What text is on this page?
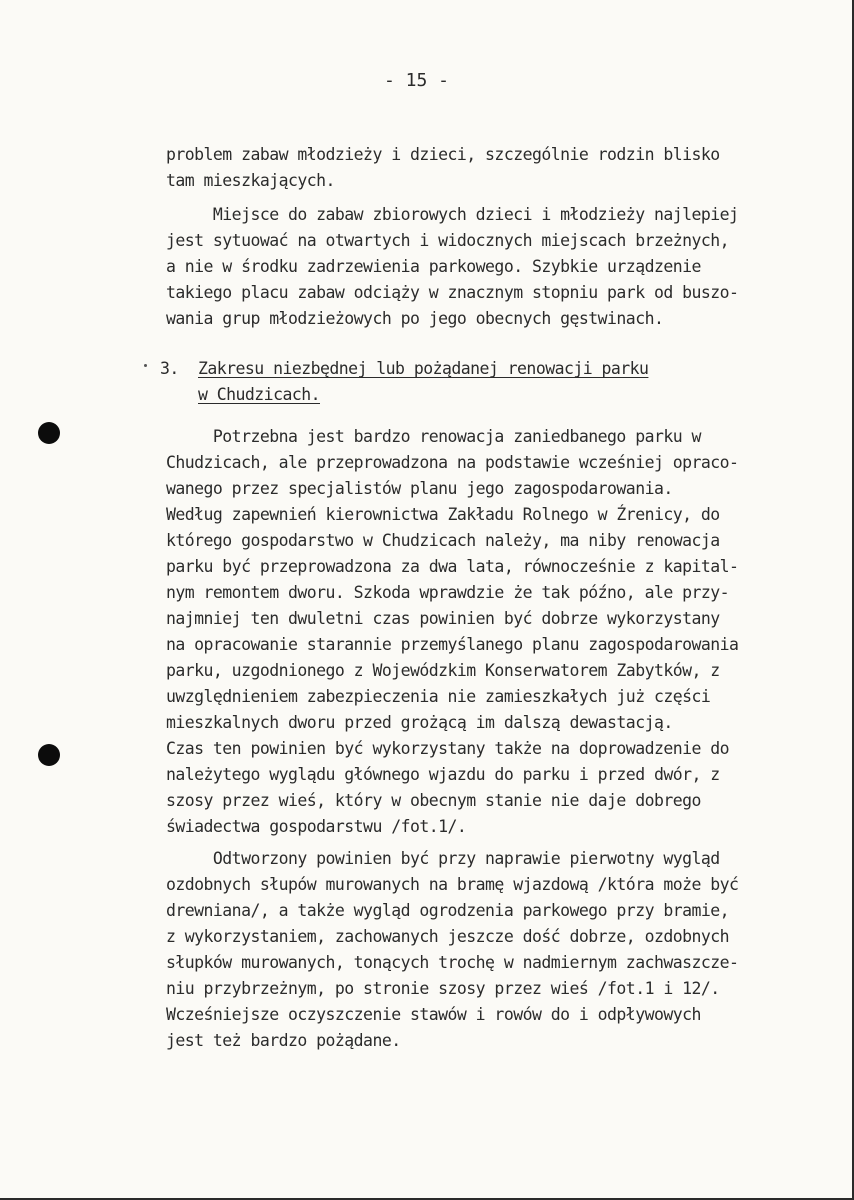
- 15 -
problem zabaw młodzieży i dzieci, szczególnie rodzin blisko
tam mieszkających.
Miejsce do zabaw zbiorowych dzieci i młodzieży najlepiej
jest sytuować na otwartych i widocznych miejscach brzeżnych,
a nie w środku zadrzewienia parkowego. Szybkie urządzenie
takiego placu zabaw odciąży w znacznym stopniu park od buszo-
wania grup młodzieżowych po jego obecnych gęstwinach.
3. Zakresu niezbędnej lub pożądanej renowacji parku
w Chudzicach.
Potrzebna jest bardzo renowacja zaniedbanego parku w
Chudzicach, ale przeprowadzona na podstawie wcześniej opraco-
wanego przez specjalistów planu jego zagospodarowania.
Według zapewnień kierownictwa Zakładu Rolnego w Źrenicy, do
którego gospodarstwo w Chudzicach należy, ma niby renowacja
parku być przeprowadzona za dwa lata, równocześnie z kapital-
nym remontem dworu. Szkoda wprawdzie że tak późno, ale przy-
najmniej ten dwuletni czas powinien być dobrze wykorzystany
na opracowanie starannie przemyślanego planu zagospodarowania
parku, uzgodnionego z Wojewódzkim Konserwatorem Zabytków, z
uwzględnieniem zabezpieczenia nie zamieszkałych już części
mieszkalnych dworu przed grożącą im dalszą dewastacją.
Czas ten powinien być wykorzystany także na doprowadzenie do
należytego wyglądu głównego wjazdu do parku i przed dwór, z
szosy przez wieś, który w obecnym stanie nie daje dobrego
świadectwa gospodarstwu /fot.1/.
Odtworzony powinien być przy naprawie pierwotny wygląd
ozdobnych słupów murowanych na bramę wjazdową /która może być
drewniana/, a także wygląd ogrodzenia parkowego przy bramie,
z wykorzystaniem, zachowanych jeszcze dość dobrze, ozdobnych
słupków murowanych, tonących trochę w nadmiernym zachwaszcze-
niu przybrzeżnym, po stronie szosy przez wieś /fot.1 i 12/.
Wcześniejsze oczyszczenie stawów i rowów do i odpływowych
jest też bardzo pożądane.
